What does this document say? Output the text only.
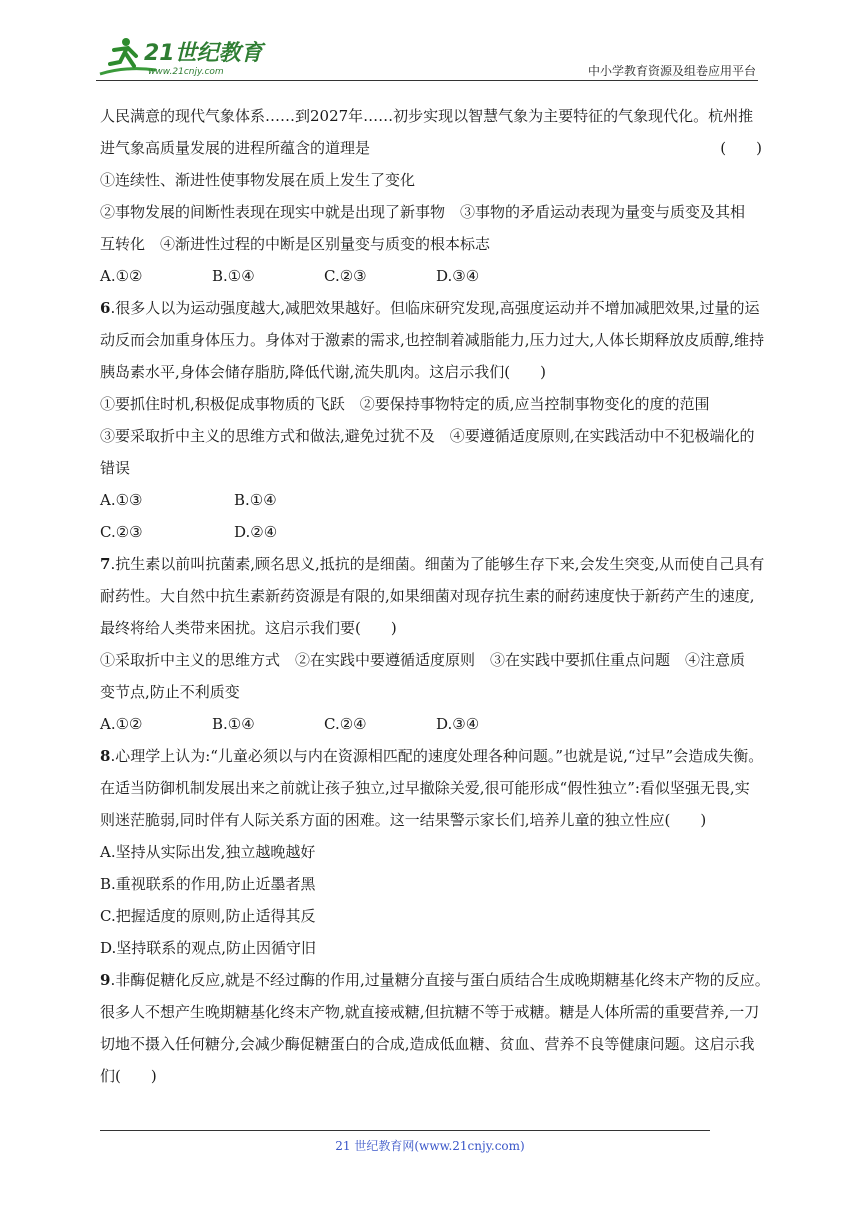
21世纪教育
www.21cnjy.com	中小学教育资源及组卷应用平台

人民满意的现代气象体系……到2027年……初步实现以智慧气象为主要特征的气象现代化。杭州推

进气象高质量发展的进程所蕴含的道理是	(　　)

①连续性、渐进性使事物发展在质上发生了变化

②事物发展的间断性表现在现实中就是出现了新事物　③事物的矛盾运动表现为量变与质变及其相

互转化　④渐进性过程的中断是区别量变与质变的根本标志

A.①②	B.①④	C.②③	D.③④

6.很多人以为运动强度越大,减肥效果越好。但临床研究发现,高强度运动并不增加减肥效果,过量的运

动反而会加重身体压力。身体对于激素的需求,也控制着减脂能力,压力过大,人体长期释放皮质醇,维持

胰岛素水平,身体会储存脂肪,降低代谢,流失肌肉。这启示我们(　　)

①要抓住时机,积极促成事物质的飞跃　②要保持事物特定的质,应当控制事物变化的度的范围

③要采取折中主义的思维方式和做法,避免过犹不及　④要遵循适度原则,在实践活动中不犯极端化的

错误

A.①③	B.①④
C.②③	D.②④

7.抗生素以前叫抗菌素,顾名思义,抵抗的是细菌。细菌为了能够生存下来,会发生突变,从而使自己具有

耐药性。大自然中抗生素新药资源是有限的,如果细菌对现存抗生素的耐药速度快于新药产生的速度,

最终将给人类带来困扰。这启示我们要(　　)

①采取折中主义的思维方式　②在实践中要遵循适度原则　③在实践中要抓住重点问题　④注意质

变节点,防止不利质变

A.①②	B.①④	C.②④	D.③④

8.心理学上认为:“儿童必须以与内在资源相匹配的速度处理各种问题。”也就是说,“过早”会造成失衡。

在适当防御机制发展出来之前就让孩子独立,过早撤除关爱,很可能形成“假性独立”:看似坚强无畏,实

则迷茫脆弱,同时伴有人际关系方面的困难。这一结果警示家长们,培养儿童的独立性应(　　)

A.坚持从实际出发,独立越晚越好

B.重视联系的作用,防止近墨者黑

C.把握适度的原则,防止适得其反

D.坚持联系的观点,防止因循守旧

9.非酶促糖化反应,就是不经过酶的作用,过量糖分直接与蛋白质结合生成晚期糖基化终末产物的反应。

很多人不想产生晚期糖基化终末产物,就直接戒糖,但抗糖不等于戒糖。糖是人体所需的重要营养,一刀

切地不摄入任何糖分,会减少酶促糖蛋白的合成,造成低血糖、贫血、营养不良等健康问题。这启示我

们(　　)

21 世纪教育网(www.21cnjy.com)
